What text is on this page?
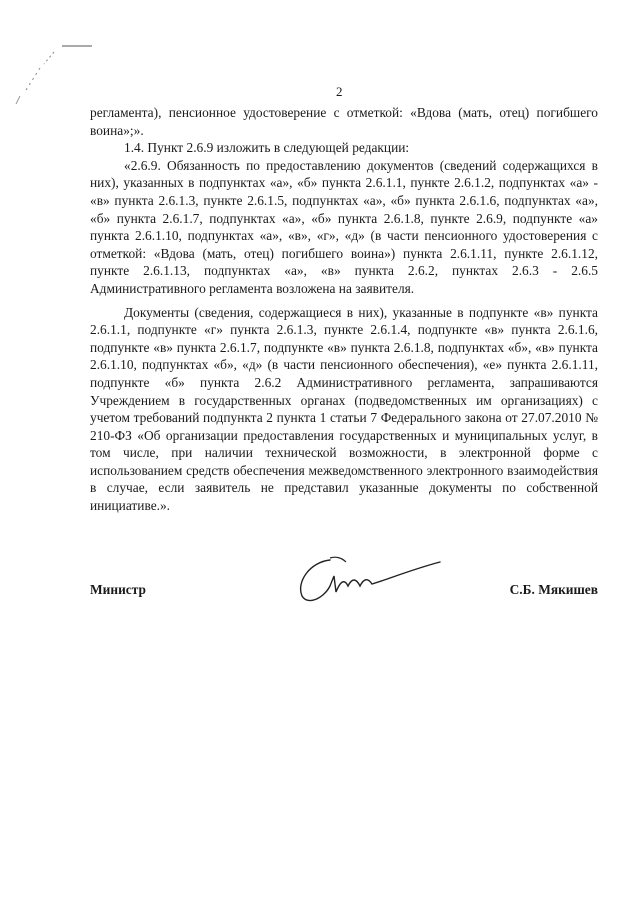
2

регламента), пенсионное удостоверение с отметкой: «Вдова (мать, отец) погибшего воина»;».

1.4. Пункт 2.6.9 изложить в следующей редакции:

«2.6.9. Обязанность по предоставлению документов (сведений содержащихся в них), указанных в подпунктах «а», «б» пункта 2.6.1.1, пункте 2.6.1.2, подпунктах «а» - «в» пункта 2.6.1.3, пункте 2.6.1.5, подпунктах «а», «б» пункта 2.6.1.6, подпунктах «а», «б» пункта 2.6.1.7, подпунктах «а», «б» пункта 2.6.1.8, пункте 2.6.9, подпункте «а» пункта 2.6.1.10, подпунктах «а», «в», «г», «д» (в части пенсионного удостоверения с отметкой: «Вдова (мать, отец) погибшего воина») пункта 2.6.1.11, пункте 2.6.1.12, пункте 2.6.1.13, подпунктах «а», «в» пункта 2.6.2, пунктах 2.6.3 - 2.6.5 Административного регламента возложена на заявителя.

Документы (сведения, содержащиеся в них), указанные в подпункте «в» пункта 2.6.1.1, подпункте «г» пункта 2.6.1.3, пункте 2.6.1.4, подпункте «в» пункта 2.6.1.6, подпункте «в» пункта 2.6.1.7, подпункте «в» пункта 2.6.1.8, подпунктах «б», «в» пункта 2.6.1.10, подпунктах «б», «д» (в части пенсионного обеспечения), «е» пункта 2.6.1.11, подпункте «б» пункта 2.6.2 Административного регламента, запрашиваются Учреждением в государственных органах (подведомственных им организациях) с учетом требований подпункта 2 пункта 1 статьи 7 Федерального закона от 27.07.2010 № 210-ФЗ «Об организации предоставления государственных и муниципальных услуг, в том числе, при наличии технической возможности, в электронной форме с использованием средств обеспечения межведомственного электронного взаимодействия в случае, если заявитель не представил указанные документы по собственной инициативе.».

Министр	С.Б. Мякишев
